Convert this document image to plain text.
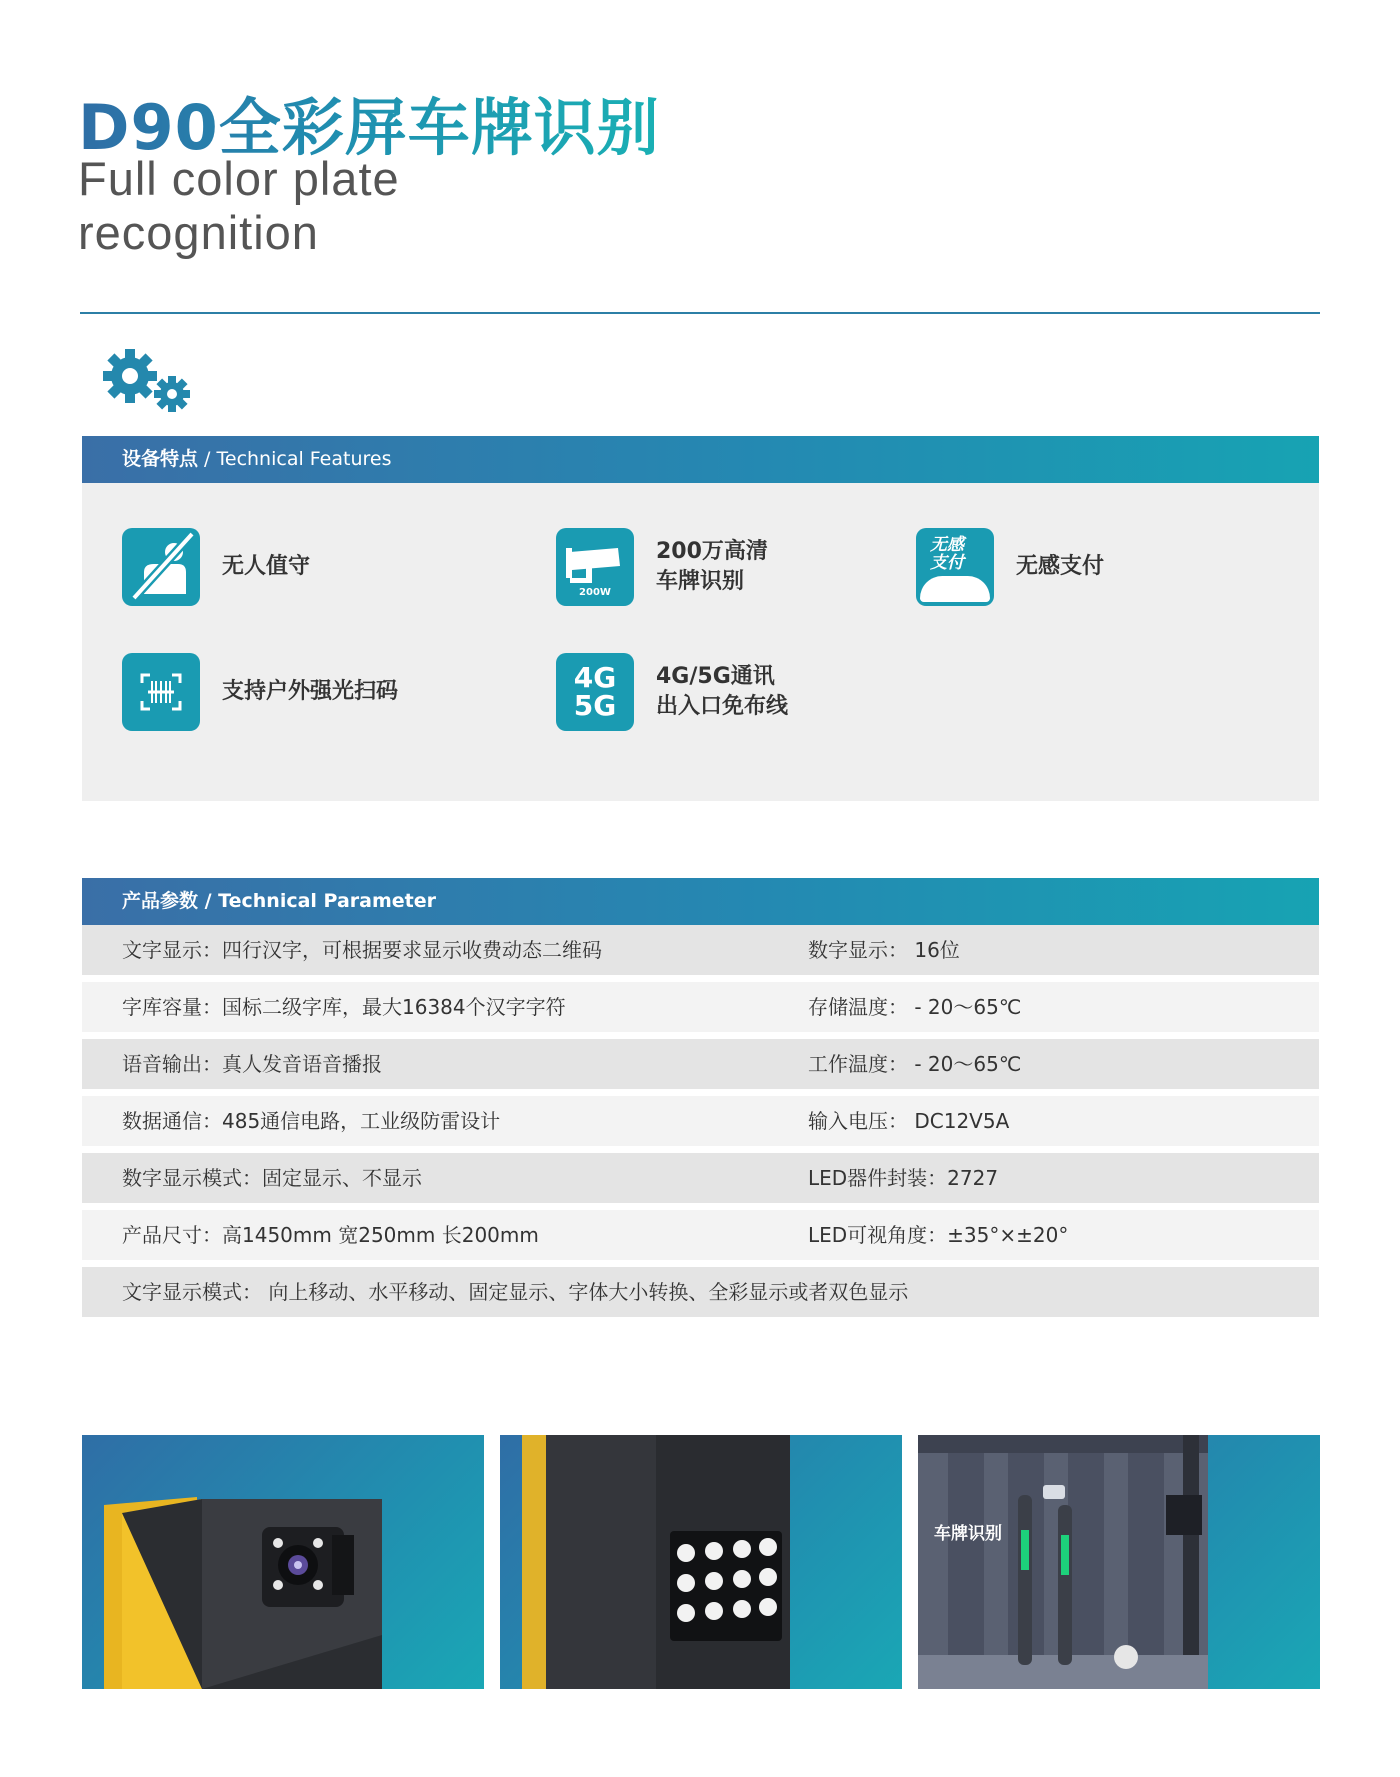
D90全彩屏车牌识别
Full color plate recognition
设备特点 / Technical Features
无人值守
200W
200万高清
车牌识别
无感
支付 无感支付
支持户外强光扫码	4G
5G
4G/5G通讯
出入口免布线
产品参数 / Technical Parameter
文字显示：四行汉字，可根据要求显示收费动态二维码	数字显示： 16位
字库容量：国标二级字库，最大16384个汉字字符	存储温度： - 20～65℃
语音输出：真人发音语音播报	工作温度： - 20～65℃
数据通信：485通信电路，工业级防雷设计	输入电压： DC12V5A
数字显示模式：固定显示、不显示	LED器件封装：2727
产品尺寸：高1450mm 宽250mm 长200mm	LED可视角度：±35°×±20°
文字显示模式： 向上移动、水平移动、固定显示、字体大小转换、全彩显示或者双色显示
车牌识别
